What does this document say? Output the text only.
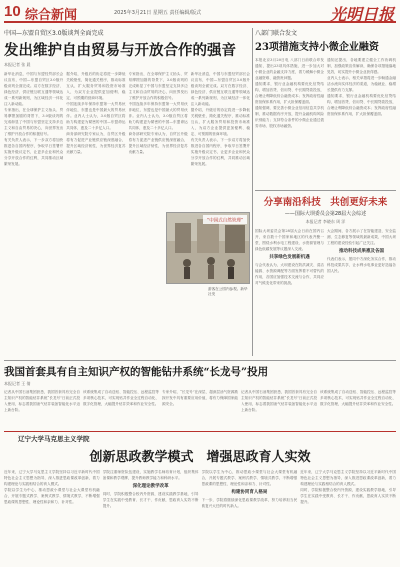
10 综合新闻	2025年3月21日 星期五 责任编辑/版式	光明日报
中国—东盟自贸区3.0版谈判全面完成
发出维护自由贸易与开放合作的强音
本报记者 张 晨

新华社消息，中国与东盟经贸部长会议宣布，中国—东盟自贸区3.0版升级谈判全面完成。双方在数字经济、绿色经济、供应链互联互通等领域达成一系列新规则，为区域经济一体化注入新动能。

专家指出，在全球保护主义抬头、贸易摩擦加剧的背景下，3.0版谈判的完成彰显了中国与东盟坚定支持多边主义和自由贸易的决心，向世界发出了维护开放合作的积极信号。

有关负责人表示，下一步双方将加快推进各自国内程序，争取早日签署并实施升级议定书，让更多企业和民众分享开放合作的红利，共同推动区域繁荣发展。

据介绍，升级后的协定将进一步降低关税壁垒，简化通关程序，推动标准互认，扩大服务贸易和投资市场准入，为双方企业提供更加便利、稳定、可预期的营商环境。

中国连续多年保持东盟第一大贸易伙伴地位，东盟也是中国最大的贸易伙伴。业内人士认为，3.0版自贸区将助力构建更为紧密的中国—东盟命运共同体，惠及二十多亿人口。

商务部研究院专家认为，自贸区升级将有力促进产业链供应链深度融合，提升区域经济韧性，为世界经济复苏贡献力量。

专家指出，在全球保护主义抬头、贸易摩擦加剧的背景下，3.0版谈判的完成彰显了中国与东盟坚定支持多边主义和自由贸易的决心，向世界发出了维护开放合作的积极信号。

中国连续多年保持东盟第一大贸易伙伴地位，东盟也是中国最大的贸易伙伴。业内人士认为，3.0版自贸区将助力构建更为紧密的中国—东盟命运共同体，惠及二十多亿人口。

商务部研究院专家认为，自贸区升级将有力促进产业链供应链深度融合，提升区域经济韧性，为世界经济复苏贡献力量。

新华社消息，中国与东盟经贸部长会议宣布，中国—东盟自贸区3.0版升级谈判全面完成。双方在数字经济、绿色经济、供应链互联互通等领域达成一系列新规则，为区域经济一体化注入新动能。

据介绍，升级后的协定将进一步降低关税壁垒，简化通关程序，推动标准互认，扩大服务贸易和投资市场准入，为双方企业提供更加便利、稳定、可预期的营商环境。

有关负责人表示，下一步双方将加快推进各自国内程序，争取早日签署并实施升级议定书，让更多企业和民众分享开放合作的红利，共同推动区域繁荣发展。

“中国式自然管理”
游客在公园内参观。新华社发
八部门联合发文
23项措施支持小微企业融资

本报北京3月20日电 八部门日前联合印发通知，提出23项具体措施，进一步加大对小微企业的金融支持力度，着力缓解小微企业融资难、融资贵问题。

通知要求，银行业金融机构要优化信贷结构，增加首贷、信用贷、中长期贷款投放，合理让利降低综合融资成本；发挥政府性融资担保体系作用，扩大担保覆盖面。

通知强调，要完善小微企业信用信息共享机制，推动数据有序开放，提升金融机构风险识别能力；支持符合条件的小微企业通过债券市场、股权市场融资。

通知还提出，各地要建立健全工作协调机制，加强政策宣传解读，确保各项措施落地见效，切实提升小微企业获得感。

业内人士表示，相关举措将进一步畅通金融活水流向实体经济的渠道，为稳就业、稳增长提供有力支撑。

通知要求，银行业金融机构要优化信贷结构，增加首贷、信用贷、中长期贷款投放，合理让利降低综合融资成本；发挥政府性融资担保体系作用，扩大担保覆盖面。

分享南沿科技　共创更好未来
——国际大坝委员会第28届大会综述
本报记者 李晓东 周 洋

国际大坝委员会第28届大会日前在国内召开，来自数十个国家和地区的代表齐聚一堂，围绕水利水电工程建设、水资源管理与绿色低碳发展等议题深入交流。

共享绿色发展新机遇

与会代表认为，大坝建设在防洪减灾、清洁能源、水资源调配等方面发挥着不可替代的作用，各国应加强技术交流与合作，共同应对气候变化带来的挑战。

大会期间，各方展示了在智能建造、安全监测、生态修复等领域的最新成果，中国大坝工程的建设经验引起广泛关注。

推动科技成果惠及各国

代表们表示，愿同中方深化务实合作，推动科技成果共享，让水利水电事业更好造福各国人民。

我国首套具有自主知识产权的智能钻井系统“长龙号”投用
本报记者 王 倩

记者从中国石油集团获悉，我国首套具有完全自主知识产权的智能钻井系统“长龙号”日前正式投入使用，标志着我国油气钻井装备智能化水平迈上新台阶。

该系统集成了自动送钻、智能控压、远程监控等多项核心技术，可实现钻井作业全过程自动化、数字化管理，大幅提升钻井效率和作业安全性。

专家介绍，“长龙号”在深层、超深层油气资源勘探开发中具有重要应用价值，将有力保障国家能源安全。

记者从中国石油集团获悉，我国首套具有完全自主知识产权的智能钻井系统“长龙号”日前正式投入使用，标志着我国油气钻井装备智能化水平迈上新台阶。

该系统集成了自动送钻、智能控压、远程监控等多项核心技术，可实现钻井作业全过程自动化、数字化管理，大幅提升钻井效率和作业安全性。

辽宁大学马克思主义学院
创新思政教学模式　增强思政育人实效

近年来，辽宁大学马克思主义学院坚持以习近平新时代中国特色社会主义思想为指导，深入推进思政课改革创新，着力构建理论与实践相结合的育人模式。

学院以学生为中心，推动思政小课堂与社会大课堂有机融合，开展专题式教学、案例式教学、情境式教学，不断增强思政课的思想性、理论性和亲和力、针对性。

学院注重师资队伍建设，实施教学名师培育计划，组织集体备课和教学观摩，提升教师教学能力和科研水平。

深化理论教学改革

同时，学院积极整合校内外资源，建设实践教学基地，引导学生在实践中受教育、长才干、作贡献，思政育人实效不断提升。

学院以学生为中心，推动思政小课堂与社会大课堂有机融合，开展专题式教学、案例式教学、情境式教学，不断增强思政课的思想性、理论性和亲和力、针对性。

构建协同育人格局

下一步，学院将继续深化思政课教学改革，努力培养担当民族复兴大任的时代新人。

近年来，辽宁大学马克思主义学院坚持以习近平新时代中国特色社会主义思想为指导，深入推进思政课改革创新，着力构建理论与实践相结合的育人模式。

同时，学院积极整合校内外资源，建设实践教学基地，引导学生在实践中受教育、长才干、作贡献，思政育人实效不断提升。
